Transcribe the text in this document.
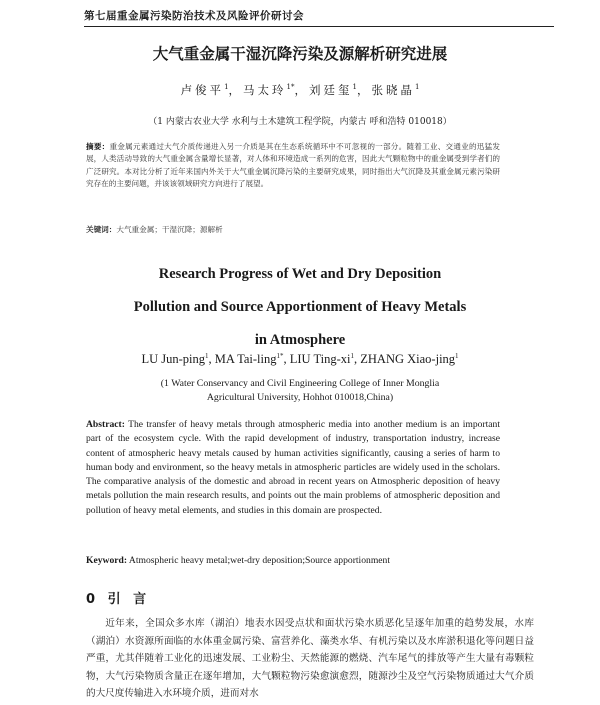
第七届重金属污染防治技术及风险评价研讨会
大气重金属干湿沉降污染及源解析研究进展
卢俊平$^1$，马太玲$^{1*}$，刘廷玺$^1$，张晓晶$^1$
（1 内蒙古农业大学 水利与土木建筑工程学院，内蒙古 呼和浩特 010018）
摘要：重金属元素通过大气介质传递进入另一介质是其在生态系统循环中不可忽视的一部分。随着工业、交通业的迅猛发展，人类活动导致的大气重金属含量增长显著，对人体和环境造成一系列的危害，因此大气颗粒物中的重金属受到学者们的广泛研究。本对比分析了近年来国内外关于大气重金属沉降污染的主要研究成果，同时指出大气沉降及其重金属元素污染研究存在的主要问题，并该该领域研究方向进行了展望。
关键词：大气重金属；干湿沉降；源解析
Research Progress of Wet and Dry Deposition
Pollution and Source Apportionment of Heavy Metals
in Atmosphere
LU Jun-ping$^1$, MA Tai-ling$^{1*}$, LIU Ting-$xi^1$, ZHANG Xiao-jing$^1$
(1 Water Conservancy and Civil Engineering College of Inner Monglia Agricultural University, Hohhot 010018,China)
Abstract: The transfer of heavy metals through atmospheric media into another medium is an important part of the ecosystem cycle. With the rapid development of industry, transportation industry, increase content of atmospheric heavy metals caused by human activities significantly, causing a series of harm to human body and environment, so the heavy metals in atmospheric particles are widely used in the scholars. The comparative analysis of the domestic and abroad in recent years on Atmospheric deposition of heavy metals pollution the main research results, and points out the main problems of atmospheric deposition and pollution of heavy metal elements, and studies in this domain are prospected.
Keyword: Atmospheric heavy metal;wet-dry deposition;Source apportionment
0 引 言
近年来，全国众多水库（湖泊）地表水因受点状和面状污染水质恶化呈逐年加重的趋势发展，水库（湖泊）水资源所面临的水体重金属污染、富营养化、藻类水华、有机污染以及水库淤积退化等问题日益严重，尤其伴随着工业化的迅速发展、工业粉尘、天然能源的燃烧、汽车尾气的排放等产生大量有毒颗粒物，大气污染物质含量正在逐年增加，大气颗粒物污染愈演愈烈，随源沙尘及空气污染物质通过大气介质的大尺度传输进入水环境介质，进而对水
